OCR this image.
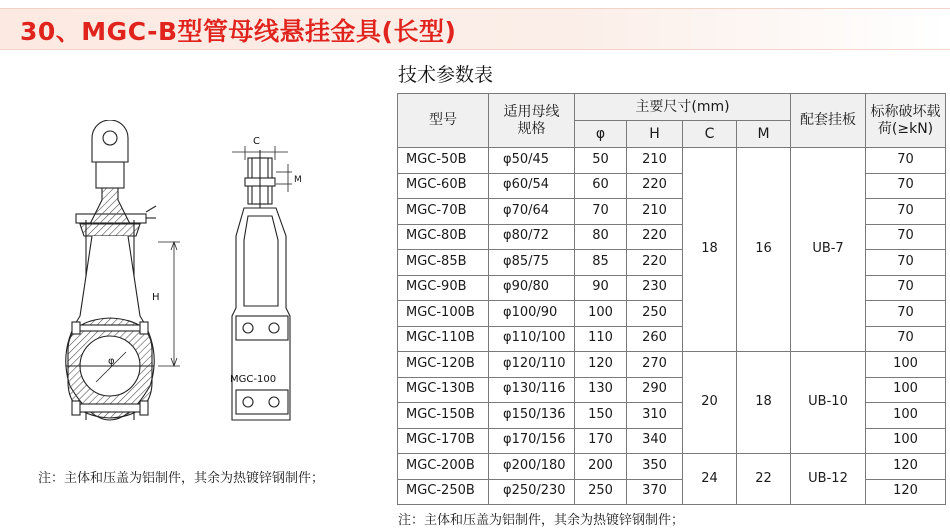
30、MGC-B型管母线悬挂金具(长型)
技术参数表
H
φ
C
M
MGC-100
注：主体和压盖为铝制件，其余为热镀锌钢制件；
型号	适用母线规格	主要尺寸(mm)				配套挂板	标称破坏载荷(≥kN)
		φ	H	C	M		
MGC-50B	φ50/45	50	210	18	16	UB-7	70
MGC-60B	φ60/54	60	220				70
MGC-70B	φ70/64	70	210				70
MGC-80B	φ80/72	80	220				70
MGC-85B	φ85/75	85	220				70
MGC-90B	φ90/80	90	230				70
MGC-100B	φ100/90	100	250				70
MGC-110B	φ110/100	110	260				70
MGC-120B	φ120/110	120	270	20	18	UB-10	100
MGC-130B	φ130/116	130	290				100
MGC-150B	φ150/136	150	310				100
MGC-170B	φ170/156	170	340				100
MGC-200B	φ200/180	200	350	24	22	UB-12	120
MGC-250B	φ250/230	250	370				120
注：主体和压盖为铝制件，其余为热镀锌钢制件；
